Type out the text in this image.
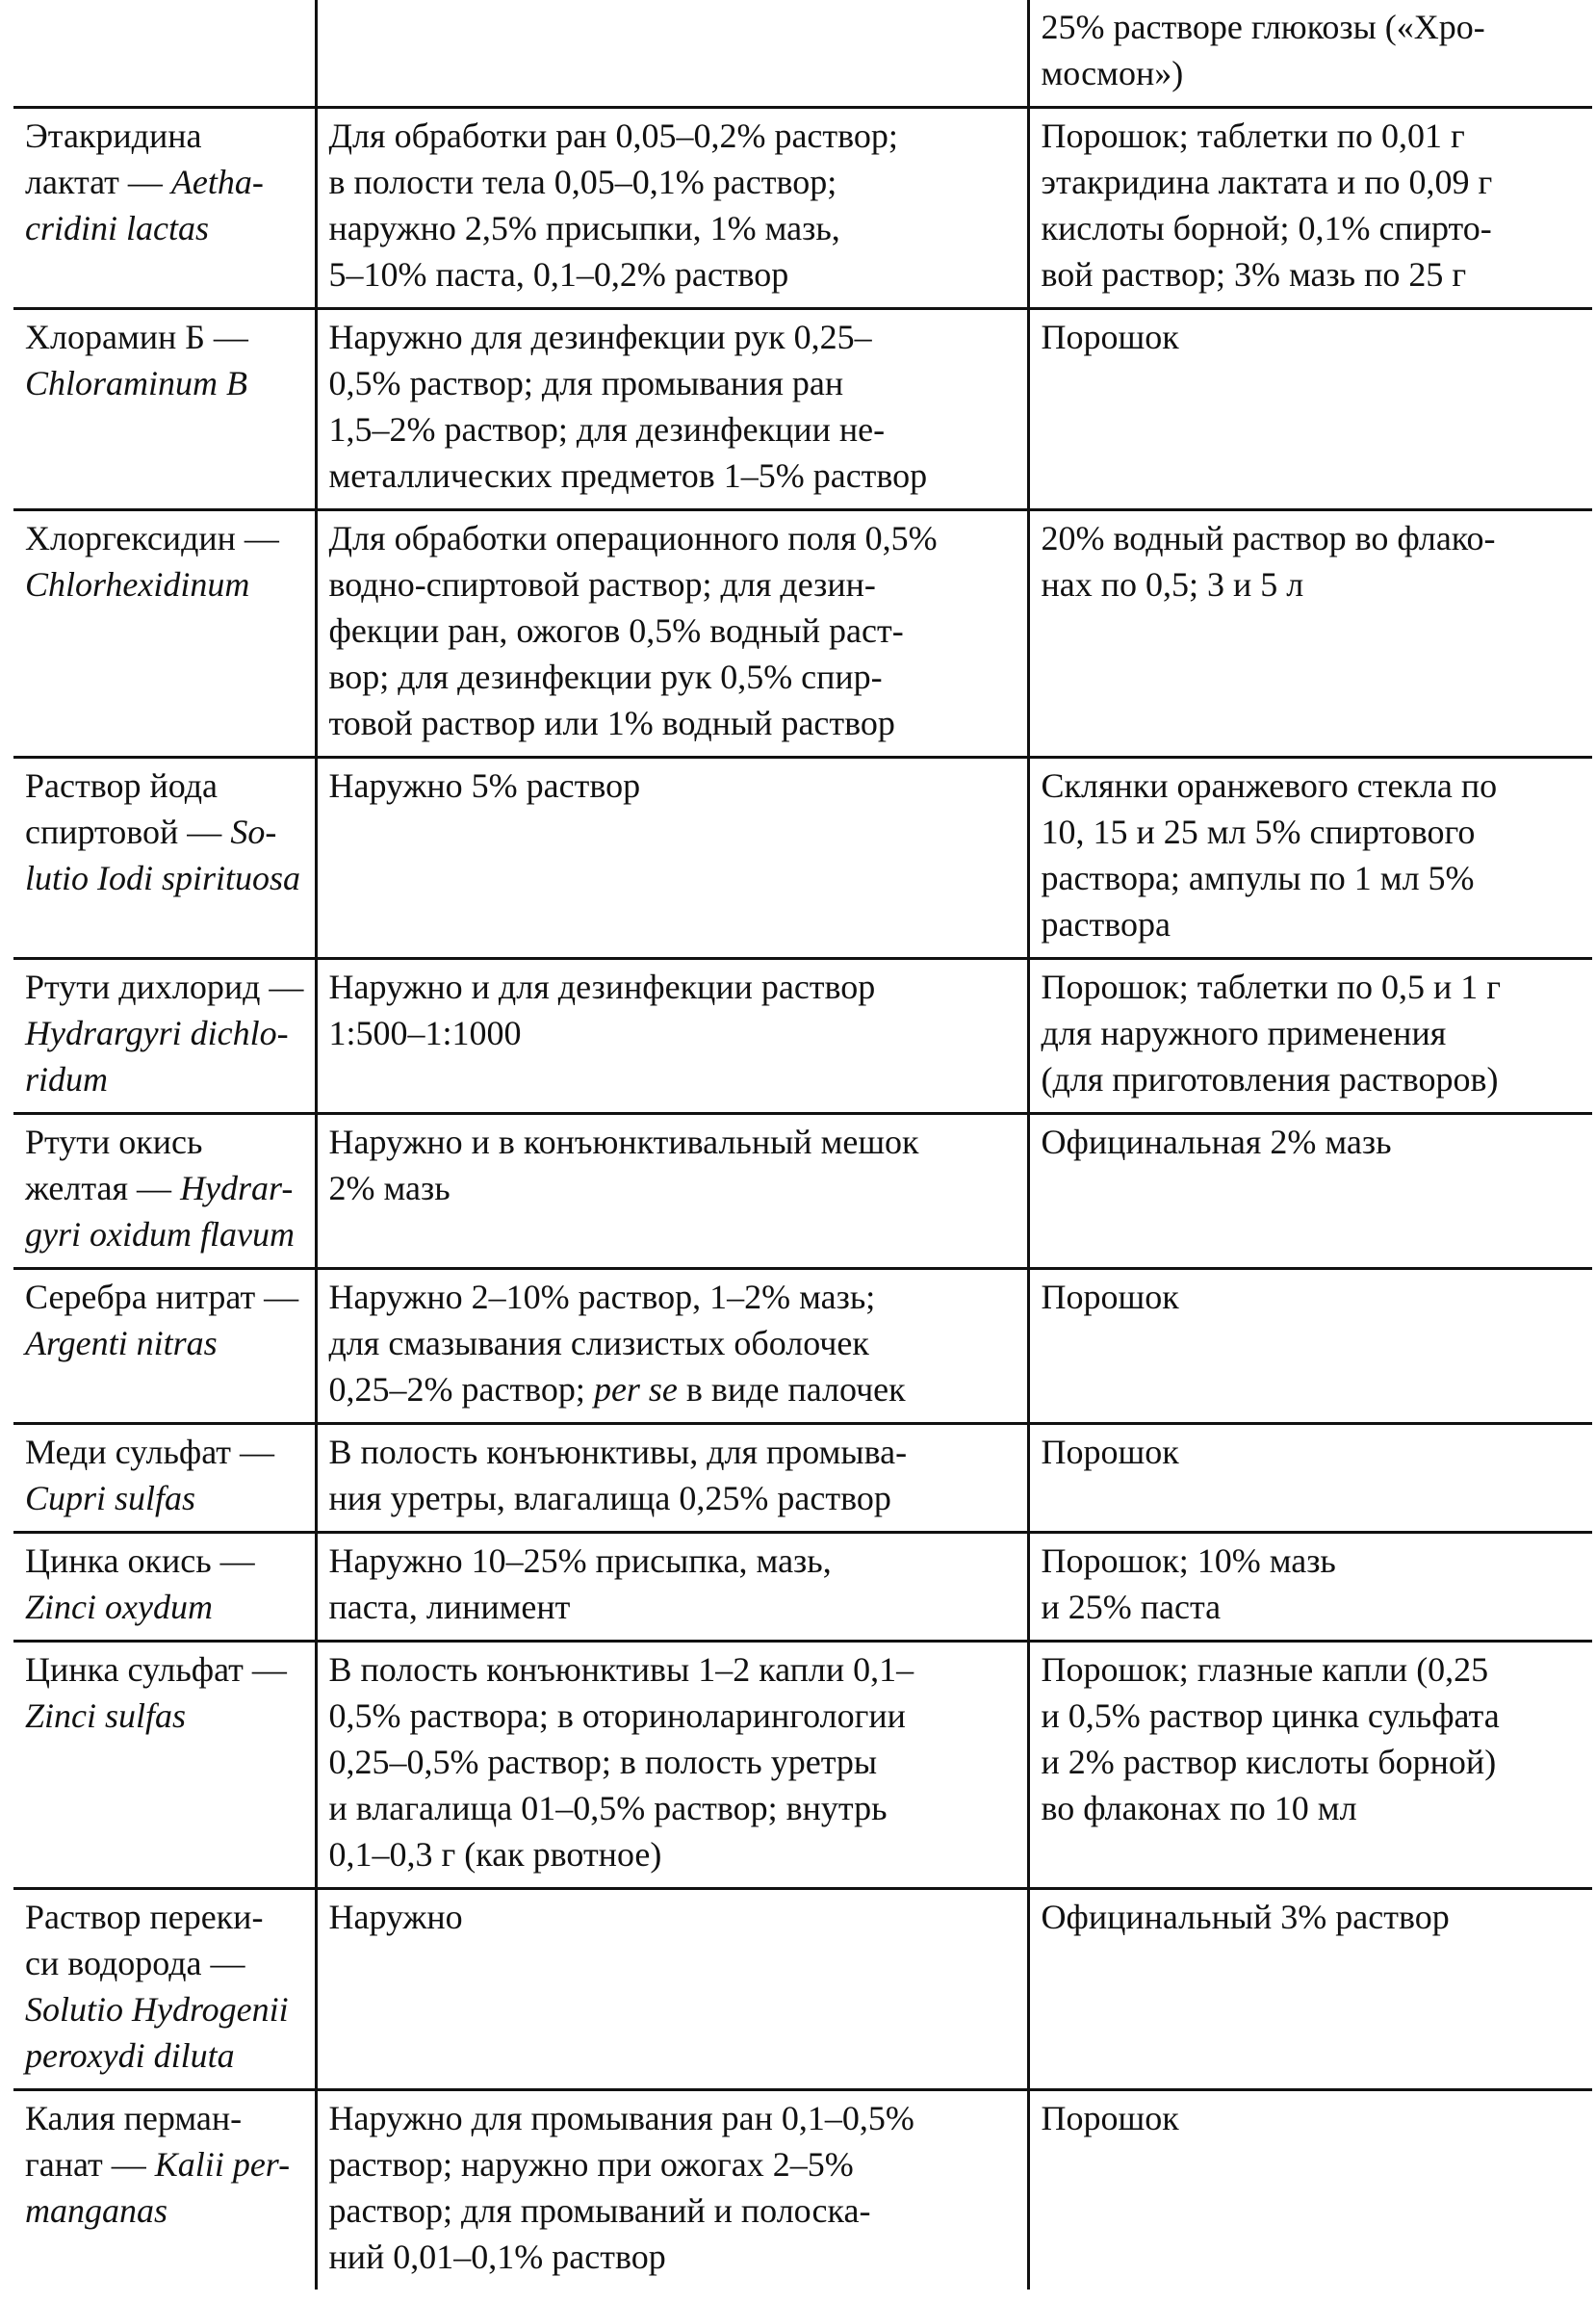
		25% растворе глюкозы («Хро-
мосмон»)
Этакридина
лактат — Aetha-
cridini lactas	Для обработки ран 0,05–0,2% раствор;
в полости тела 0,05–0,1% раствор;
наружно 2,5% присыпки, 1% мазь,
5–10% паста, 0,1–0,2% раствор	Порошок; таблетки по 0,01 г
этакридина лактата и по 0,09 г
кислоты борной; 0,1% спирто-
вой раствор; 3% мазь по 25 г
Хлорамин Б —
Chloraminum B	Наружно для дезинфекции рук 0,25–
0,5% раствор; для промывания ран
1,5–2% раствор; для дезинфекции не-
металлических предметов 1–5% раствор	Порошок
Хлоргексидин —
Chlorhexidinum	Для обработки операционного поля 0,5%
водно-спиртовой раствор; для дезин-
фекции ран, ожогов 0,5% водный раст-
вор; для дезинфекции рук 0,5% спир-
товой раствор или 1% водный раствор	20% водный раствор во флако-
нах по 0,5; 3 и 5 л
Раствор йода
спиртовой — So-
lutio Iodi spirituosa	Наружно 5% раствор	Склянки оранжевого стекла по
10, 15 и 25 мл 5% спиртового
раствора; ампулы по 1 мл 5%
раствора
Ртути дихлорид —
Hydrargyri dichlo-
ridum	Наружно и для дезинфекции раствор
1:500–1:1000	Порошок; таблетки по 0,5 и 1 г
для наружного применения
(для приготовления растворов)
Ртути окись
желтая — Hydrar-
gyri oxidum flavum	Наружно и в конъюнктивальный мешок
2% мазь	Официнальная 2% мазь
Серебра нитрат —
Argenti nitras	Наружно 2–10% раствор, 1–2% мазь;
для смазывания слизистых оболочек
0,25–2% раствор; per se в виде палочек	Порошок
Меди сульфат —
Cupri sulfas	В полость конъюнктивы, для промыва-
ния уретры, влагалища 0,25% раствор	Порошок
Цинка окись —
Zinci oxydum	Наружно 10–25% присыпка, мазь,
паста, линимент	Порошок; 10% мазь
и 25% паста
Цинка сульфат —
Zinci sulfas	В полость конъюнктивы 1–2 капли 0,1–
0,5% раствора; в оториноларингологии
0,25–0,5% раствор; в полость уретры
и влагалища 01–0,5% раствор; внутрь
0,1–0,3 г (как рвотное)	Порошок; глазные капли (0,25
и 0,5% раствор цинка сульфата
и 2% раствор кислоты борной)
во флаконах по 10 мл
Раствор переки-
си водорода —
Solutio Hydrogenii
peroxydi diluta	Наружно	Официнальный 3% раствор
Калия перман-
ганат — Kalii per-
manganas	Наружно для промывания ран 0,1–0,5%
раствор; наружно при ожогах 2–5%
раствор; для промываний и полоска-
ний 0,01–0,1% раствор	Порошок
